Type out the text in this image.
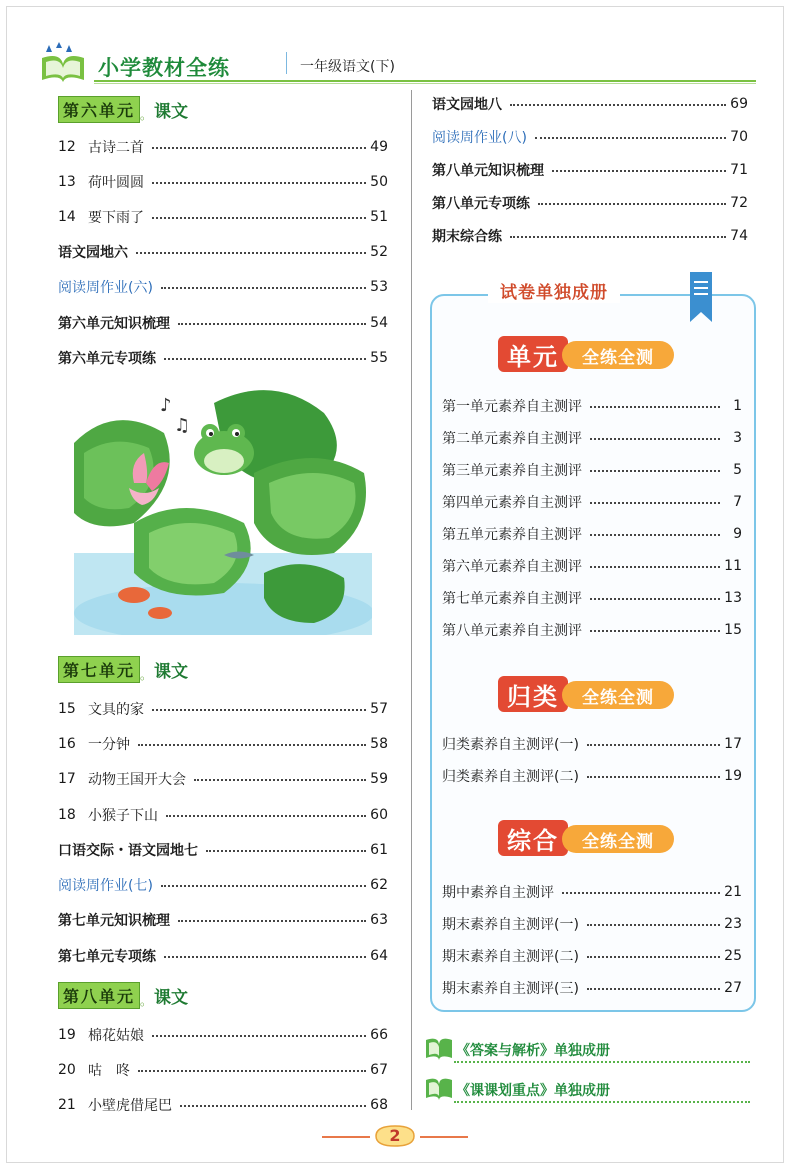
小学教材全练	一年级语文(下)
第六单元 。 课文
12 古诗二首	49
13 荷叶圆圆	50
14 要下雨了	51
语文园地六	52
阅读周作业(六)	53
第六单元知识梳理	54
第六单元专项练	55
♪
♫
第七单元 。 课文
15 文具的家	57
16 一分钟	58
17 动物王国开大会	59
18 小猴子下山	60
口语交际・语文园地七	61
阅读周作业(七)	62
第七单元知识梳理	63
第七单元专项练	64
第八单元 。 课文
19 棉花姑娘	66
20 咕　咚	67
21 小壁虎借尾巴	68
语文园地八	69
阅读周作业(八)	70
第八单元知识梳理	71
第八单元专项练	72
期末综合练	74
试卷单独成册
单元	全练全测
第一单元素养自主测评	1
第二单元素养自主测评	3
第三单元素养自主测评	5
第四单元素养自主测评	7
第五单元素养自主测评	9
第六单元素养自主测评	11
第七单元素养自主测评	13
第八单元素养自主测评	15
归类	全练全测
归类素养自主测评(一)	17
归类素养自主测评(二)	19
综合	全练全测
期中素养自主测评	21
期末素养自主测评(一)	23
期末素养自主测评(二)	25
期末素养自主测评(三)	27
《答案与解析》单独成册
《课课划重点》单独成册
2
